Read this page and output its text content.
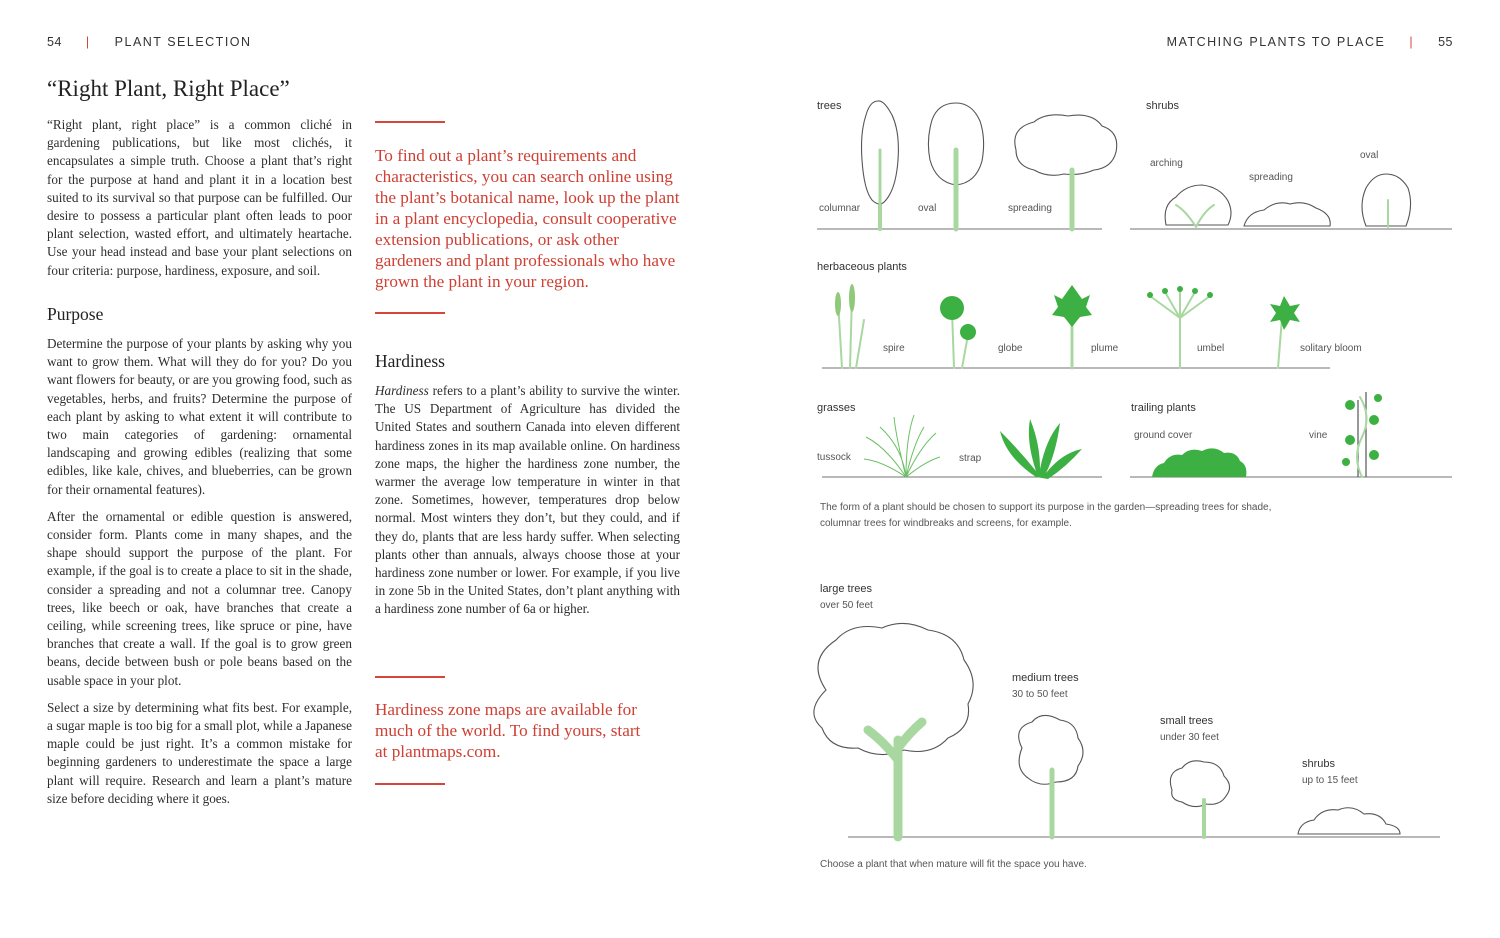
54 | PLANT SELECTION	MATCHING PLANTS TO PLACE | 55
“Right Plant, Right Place”

“Right plant, right place” is a common cliché in gardening publications, but like most clichés, it encapsulates a simple truth. Choose a plant that’s right for the purpose at hand and plant it in a location best suited to its survival so that purpose can be fulfilled. Our desire to possess a particular plant often leads to poor plant selection, wasted effort, and ultimately heartache. Use your head instead and base your plant selections on four criteria: purpose, hardiness, exposure, and soil.

Purpose

Determine the purpose of your plants by asking why you want to grow them. What will they do for you? Do you want flowers for beauty, or are you growing food, such as vegetables, herbs, and fruits? Determine the purpose of each plant by asking to what extent it will contribute to two main categories of gardening: ornamental landscaping and growing edibles (realizing that some edibles, like kale, chives, and blueberries, can be grown for their ornamental features).

After the ornamental or edible question is answered, consider form. Plants come in many shapes, and the shape should support the purpose of the plant. For example, if the goal is to create a place to sit in the shade, consider a spreading and not a columnar tree. Canopy trees, like beech or oak, have branches that create a ceiling, while screening trees, like spruce or pine, have branches that create a wall. If the goal is to grow green beans, decide between bush or pole beans based on the usable space in your plot.

Select a size by determining what fits best. For example, a sugar maple is too big for a small plot, while a Japanese maple could be just right. It’s a common mistake for beginning gardeners to underestimate the space a large plant will require. Research and learn a plant’s mature size before deciding where it goes.

To find out a plant’s requirements and characteristics, you can search online using the plant’s botanical name, look up the plant in a plant encyclopedia, consult cooperative extension publications, or ask other gardeners and plant professionals who have grown the plant in your region.

Hardiness

Hardiness refers to a plant’s ability to survive the winter. The US Department of Agriculture has divided the United States and southern Canada into eleven different hardiness zones in its map available online. On hardiness zone maps, the higher the hardiness zone number, the warmer the average low temperature in winter in that zone. Sometimes, however, temperatures drop below normal. Most winters they don’t, but they could, and if they do, plants that are less hardy suffer. When selecting plants other than annuals, always choose those at your hardiness zone number or lower. For example, if you live in zone 5b in the United States, don’t plant anything with a hardiness zone number of 6a or higher.

Hardiness zone maps are available for much of the world. To find yours, start at plantmaps.com.

trees
columnar	oval	spreading
shrubs
arching
spreading
oval
herbaceous plants
spire	globe	plume	umbel	solitary bloom
grasses
tussock	strap
trailing plants
ground cover	vine
The form of a plant should be chosen to support its purpose in the garden—spreading trees for shade,
columnar trees for windbreaks and screens, for example.
large trees
over 50 feet
medium trees
30 to 50 feet
small trees
under 30 feet
shrubs
up to 15 feet
Choose a plant that when mature will fit the space you have.
